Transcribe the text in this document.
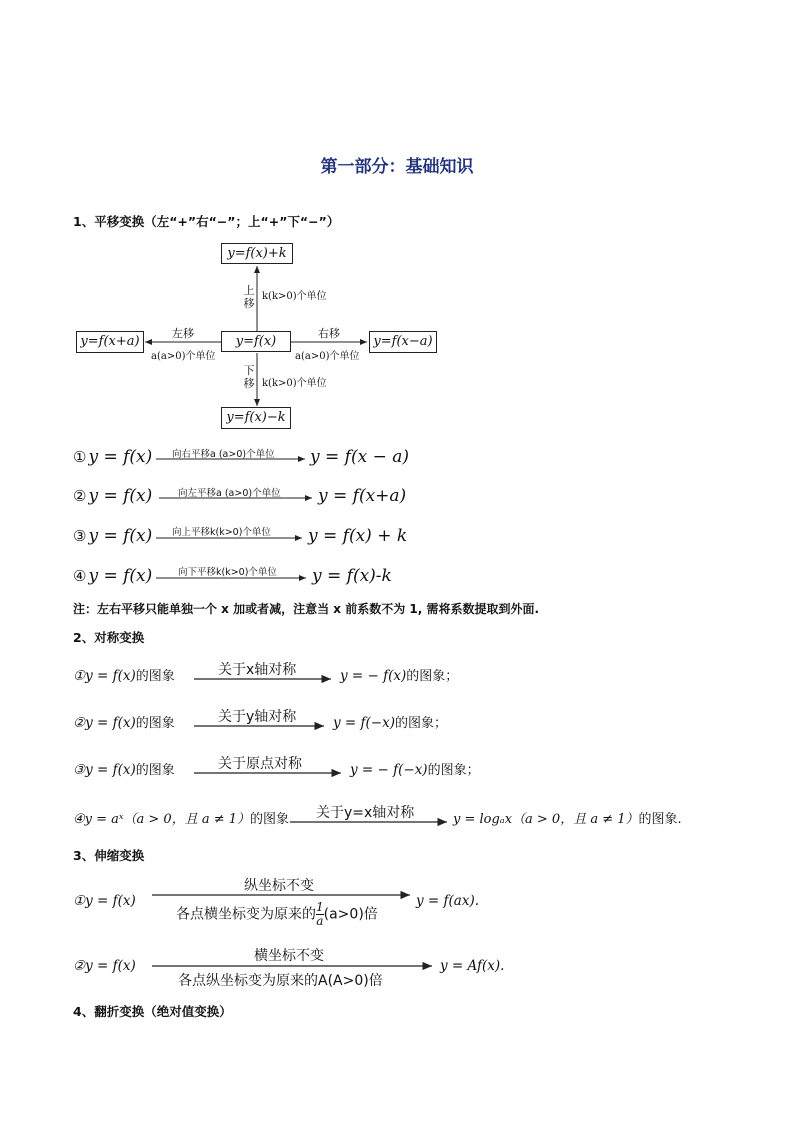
第一部分：基础知识
1、平移变换（左“+”右“−”；上“+”下“−”）
y=f(x)+k
y=f(x)
y=f(x)−k
y=f(x+a)	y=f(x−a)
上移
k(k>0)个单位
下移 k(k>0)个单位
左移
a(a>0)个单位
右移
a(a>0)个单位
① y = f(x) 向右平移a (a>0)个单位 y = f(x − a)
② y = f(x)	向左平移a (a>0)个单位 y = f(x+a)
③ y = f(x) 向上平移k(k>0)个单位 y = f(x) + k
④ y = f(x)	向下平移k(k>0)个单位 y = f(x)-k
注：左右平移只能单独一个 x 加或者减，注意当 x 前系数不为 1, 需将系数提取到外面.
2、对称变换
①y = f(x)的图象	关于x轴对称	y = − f(x)的图象；
②y = f(x)的图象	关于y轴对称	y = f(−x)的图象；
③y = f(x)的图象	关于原点对称	y = − f(−x)的图象；
④y = aˣ（a > 0，且 a ≠ 1）的图象 关于y=x轴对称	y = logₐx（a > 0，且 a ≠ 1）的图象.
3、伸缩变换
①y = f(x)
纵坐标不变
各点横坐标变为原来的 $\frac{1}{a} (a>0)$倍
y = f(ax).
②y = f(x)
横坐标不变
各点纵坐标变为原来的A(A>0)倍
y = Af(x).
4、翻折变换（绝对值变换）
